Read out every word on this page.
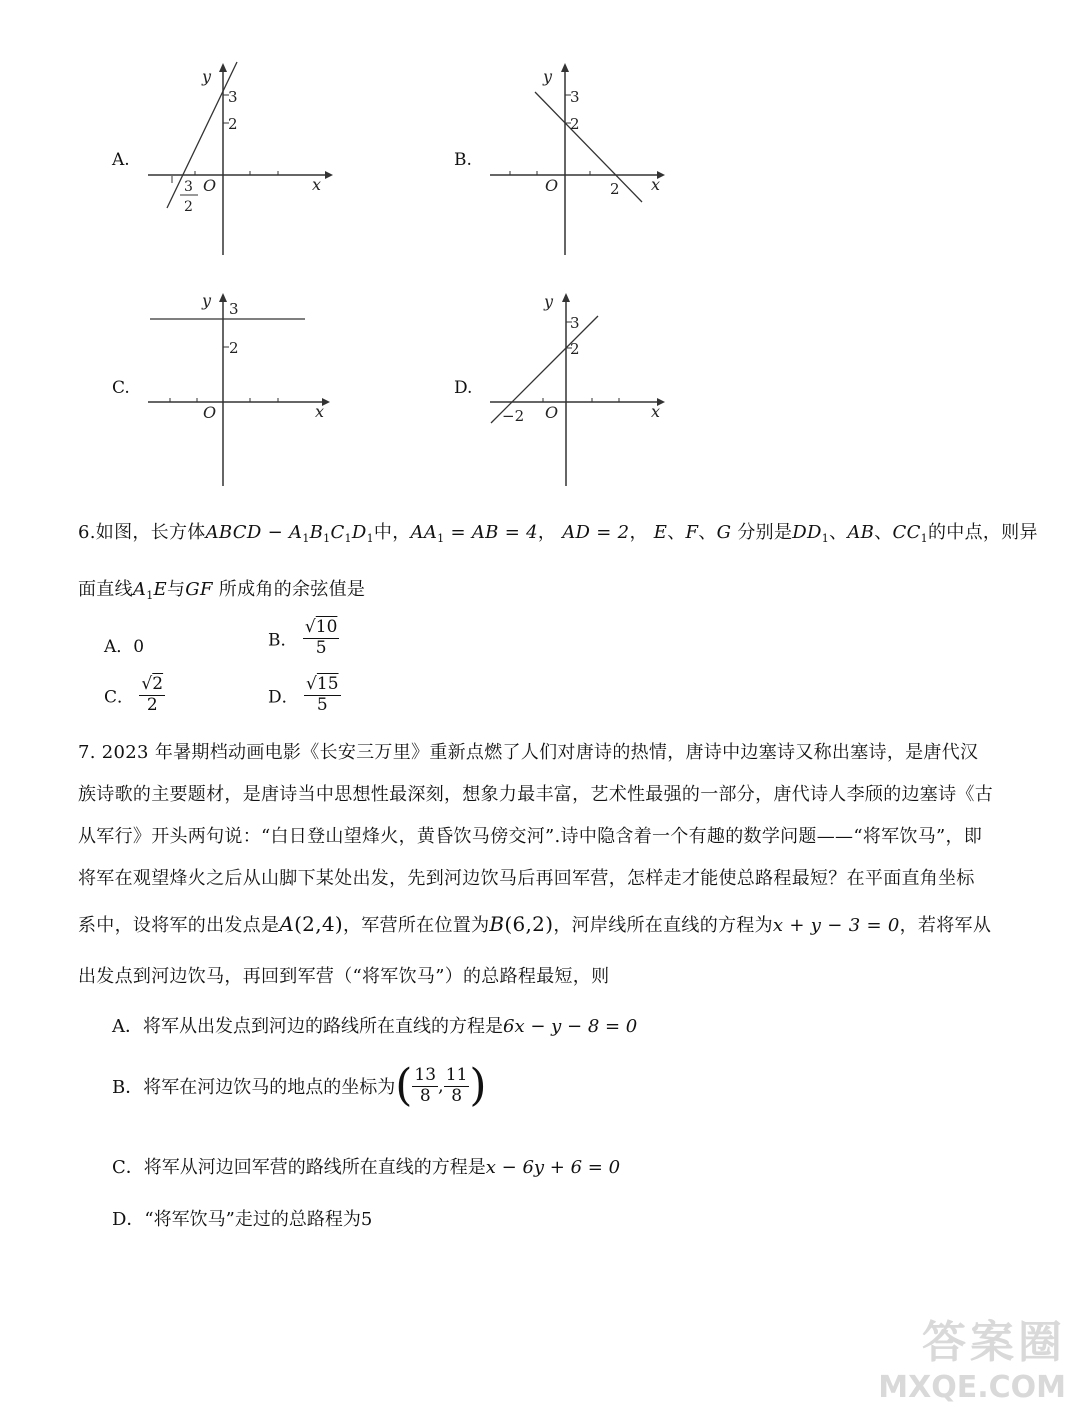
A.
3
2
O	x
y
3
2
B.
3
2
O	x
y
2
C.
3
2
O	x
y
D.
3
2
O	x
y
−2
6.如图，长方体ABCD − $A_1B_1C_1D_1$中，$AA_1$ = AB = 4， AD = 2， E、F、G 分别是$DD_1$、AB、$CC_1$的中点，则异
面直线$A_1E$与GF 所成角的余弦值是
A．0	B． $\frac{√10}{5}$
C． $\frac{√2}{2}$	D． $\frac{√15}{5}$
7. 2023 年暑期档动画电影《长安三万里》重新点燃了人们对唐诗的热情，唐诗中边塞诗又称出塞诗，是唐代汉
族诗歌的主要题材，是唐诗当中思想性最深刻，想象力最丰富，艺术性最强的一部分，唐代诗人李颀的边塞诗《古
从军行》开头两句说：“白日登山望烽火，黄昏饮马傍交河”.诗中隐含着一个有趣的数学问题——“将军饮马”，即
将军在观望烽火之后从山脚下某处出发，先到河边饮马后再回军营，怎样走才能使总路程最短？在平面直角坐标
系中，设将军的出发点是A(2,4)，军营所在位置为B(6,2)，河岸线所在直线的方程为x + y − 3 = 0，若将军从
出发点到河边饮马，再回到军营（“将军饮马”）的总路程最短，则
A．将军从出发点到河边的路线所在直线的方程是6x − y − 8 = 0
B．将军在河边饮马的地点的坐标为( $\frac{13}{8}$ , $\frac{11}{8}$ )
C．将军从河边回军营的路线所在直线的方程是x − 6y + 6 = 0
D．“将军饮马”走过的总路程为5
答案圈
MXQE.COM
